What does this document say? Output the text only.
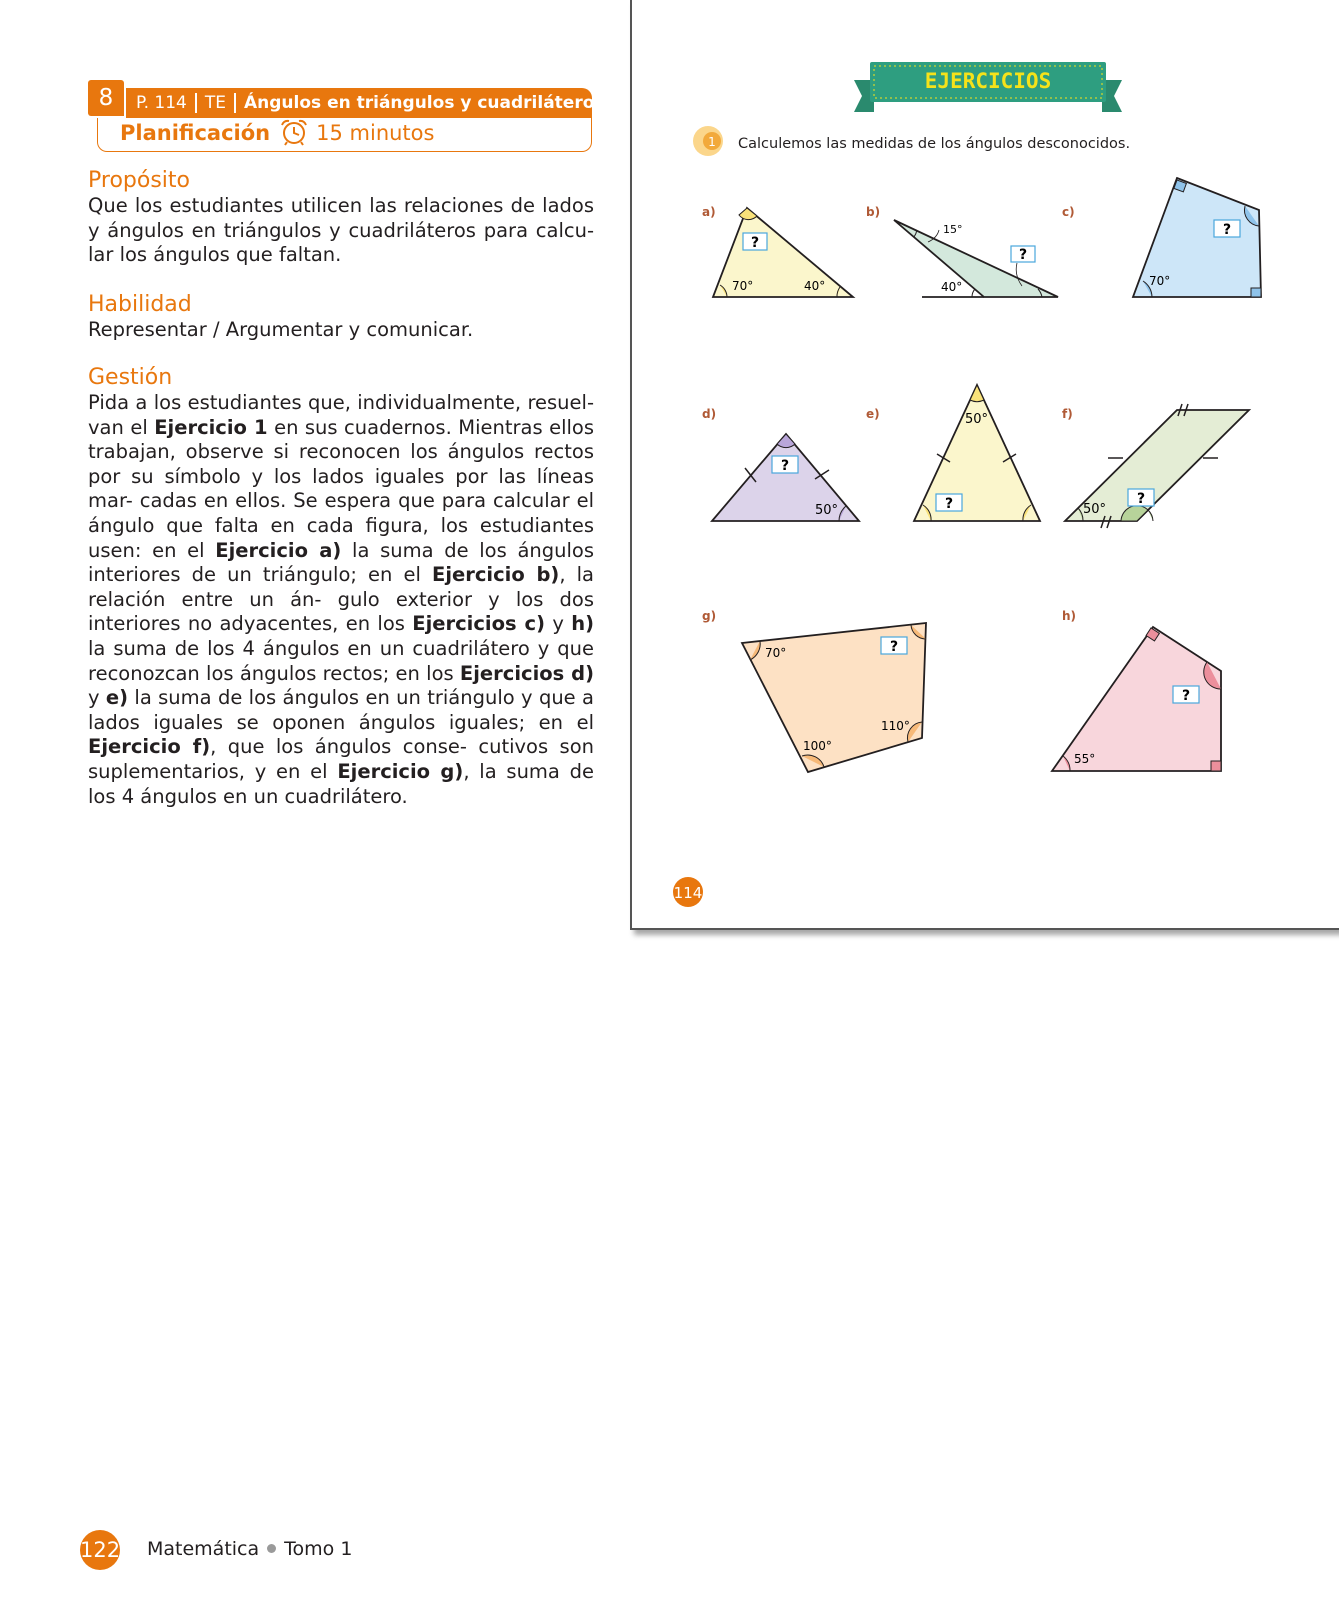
8	P. 114 TE Ángulos en triángulos y cuadriláteros
Planificación 15 minutos
Propósito

Que los estudiantes utilicen las relaciones de lados y ángulos en triángulos y cuadriláteros para calcu- lar los ángulos que faltan.

Habilidad

Representar / Argumentar y comunicar.

Gestión

Pida a los estudiantes que, individualmente, resuel- van el Ejercicio 1 en sus cuadernos. Mientras ellos trabajan, observe si reconocen los ángulos rectos por su símbolo y los lados iguales por las líneas mar- cadas en ellos. Se espera que para calcular el ángulo que falta en cada figura, los estudiantes usen: en el Ejercicio a) la suma de los ángulos interiores de un triángulo; en el Ejercicio b), la relación entre un án- gulo exterior y los dos interiores no adyacentes, en los Ejercicios c) y h) la suma de los 4 ángulos en un cuadrilátero y que reconozcan los ángulos rectos; en los Ejercicios d) y e) la suma de los ángulos en un triángulo y que a lados iguales se oponen ángulos iguales; en el Ejercicio f), que los ángulos conse- cutivos son suplementarios, y en el Ejercicio g), la suma de los 4 ángulos en un cuadrilátero.

EJERCICIOS
1 Calculemos las medidas de los ángulos desconocidos.
a)	b)	c)
d)	e)	f)
g)	h)
?
70°	40°
?
15°
40°
?
70°
?
50°	?
50°
?
50°
?
70°
110°
100°
?
55°
114
122 Matemática Tomo 1
